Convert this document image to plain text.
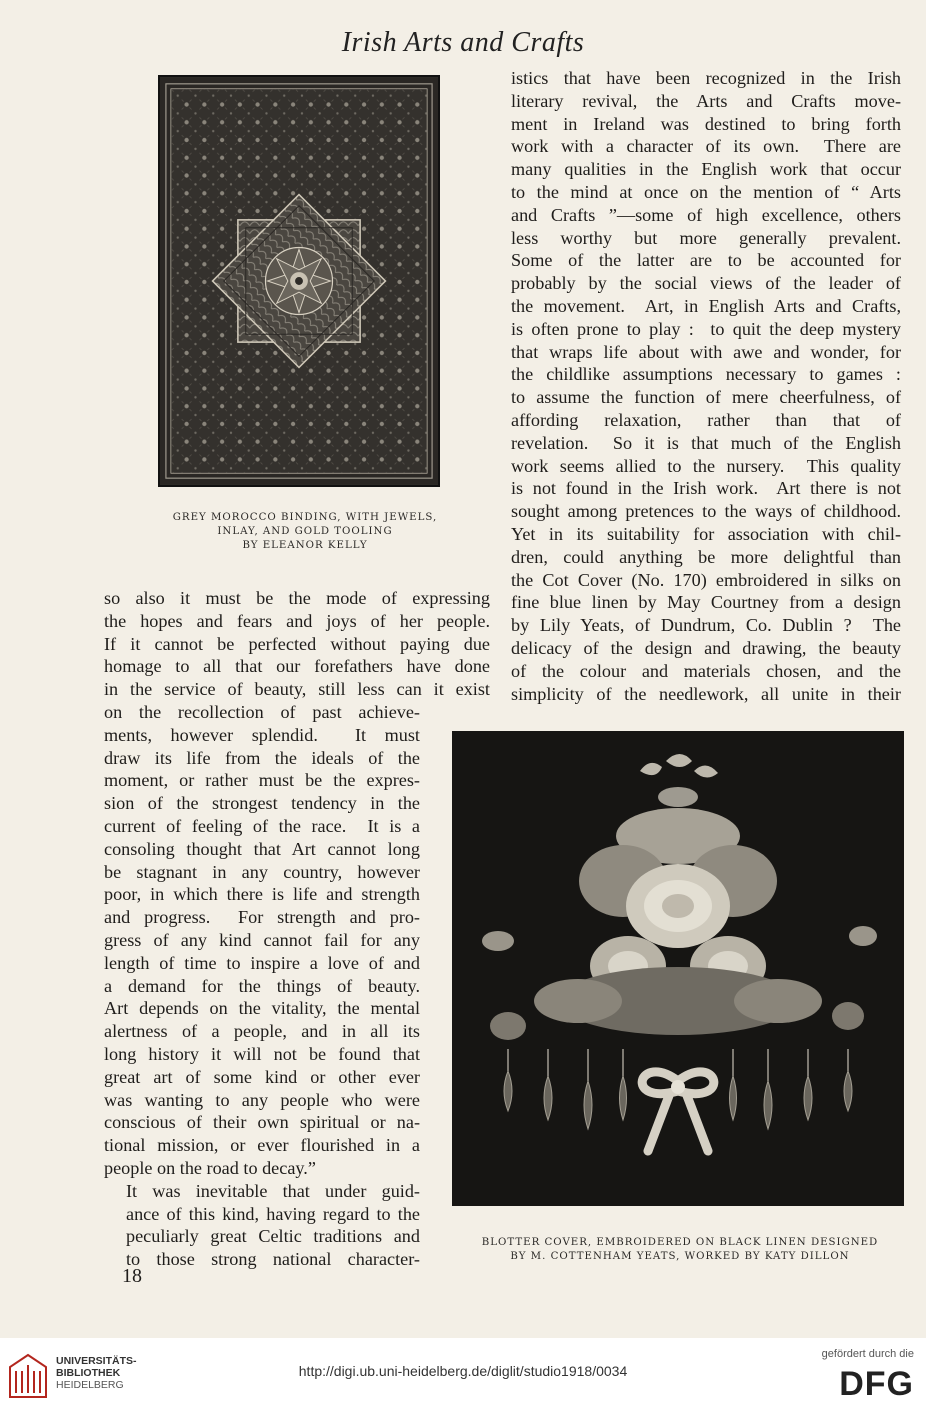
Irish Arts and Crafts
GREY MOROCCO BINDING, WITH JEWELS,
INLAY, AND GOLD TOOLING
BY ELEANOR KELLY

istics that have been recognized in the Irish
literary revival, the Arts and Crafts move-
ment in Ireland was destined to bring forth
work with a character of its own.  There are
many qualities in the English work that occur
to the mind at once on the mention of “ Arts
and Crafts ”—some of high excellence, others
less  worthy  but  more  generally  prevalent.
Some of the latter are to be accounted for
probably by the social views of the leader of
the movement.  Art, in English Arts and Crafts,
is often prone to play :  to quit the deep mystery
that wraps life about with awe and wonder, for
the childlike assumptions necessary to games :
to assume the function of mere cheerfulness, of
affording  relaxation,  rather  than  that  of
revelation.  So it is that much of the English
work seems allied to the nursery.  This quality
is not found in the Irish work.  Art there is not
sought among pretences to the ways of childhood.
Yet in its suitability for association with chil-
dren, could anything be more delightful than
the Cot Cover (No. 170) embroidered in silks on
fine blue linen by May Courtney from a design
by Lily Yeats, of Dundrum, Co. Dublin ?  The
delicacy of the design and drawing, the beauty
of the colour and materials chosen, and the
simplicity of the needlework, all unite in their

so also it must be the mode of expressing
the hopes and fears and joys of her people.
If it cannot be perfected without paying due
homage to all that our forefathers have done
in the service of beauty, still less can it exist

on the recollection of past achieve-
ments, however splendid.  It must
draw its life from the ideals of the
moment, or rather must be the expres-
sion of the strongest tendency in the
current of feeling of the race.  It is a
consoling thought that Art cannot long
be stagnant in any country, however
poor, in which there is life and strength
and progress.  For strength and pro-
gress of any kind cannot fail for any
length of time to inspire a love of and
a demand for the things of beauty.
Art depends on the vitality, the mental
alertness of a people, and in all its
long history it will not be found that
great art of some kind or other ever
was wanting to any people who were
conscious of their own spiritual or na-
tional mission, or ever flourished in a
people on the road to decay.”

It was inevitable that under guid-
ance of this kind, having regard to the
peculiarly great Celtic traditions and
to  those  strong  national  character-

BLOTTER COVER, EMBROIDERED ON BLACK LINEN DESIGNED
BY M. COTTENHAM YEATS, WORKED BY KATY DILLON
18
UNIVERSITÄTS-
BIBLIOTHEK
HEIDELBERG
http://digi.ub.uni-heidelberg.de/diglit/studio1918/0034
gefördert durch die
DFG
